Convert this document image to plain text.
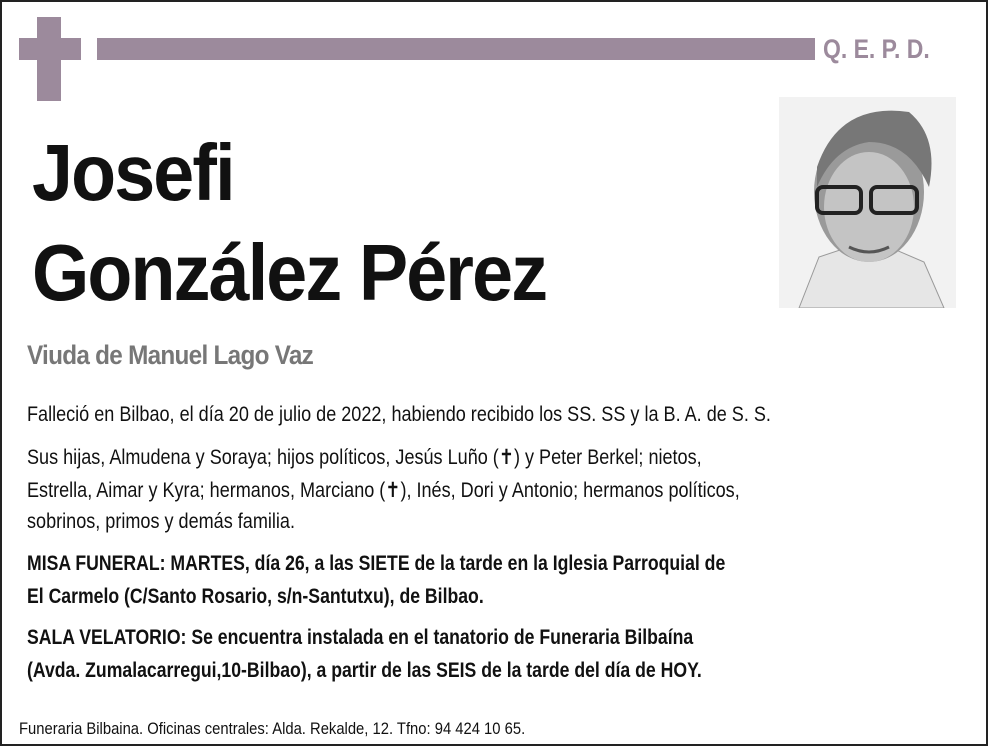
Q. E. P. D.
Josefi
González Pérez
Viuda de Manuel Lago Vaz
Falleció en Bilbao, el día 20 de julio de 2022, habiendo recibido los SS. SS y la B. A. de S. S.
Sus hijas, Almudena y Soraya; hijos políticos, Jesús Luño (✝) y Peter Berkel; nietos,
Estrella, Aimar y Kyra; hermanos, Marciano (✝), Inés, Dori y Antonio; hermanos políticos,
sobrinos, primos y demás familia.
MISA FUNERAL: MARTES, día 26, a las SIETE de la tarde en la Iglesia Parroquial de
El Carmelo (C/Santo Rosario, s/n-Santutxu), de Bilbao.
SALA VELATORIO: Se encuentra instalada en el tanatorio de Funeraria Bilbaína
(Avda. Zumalacarregui,10-Bilbao), a partir de las SEIS de la tarde del día de HOY.
Funeraria Bilbaina. Oficinas centrales: Alda. Rekalde, 12. Tfno: 94 424 10 65.
